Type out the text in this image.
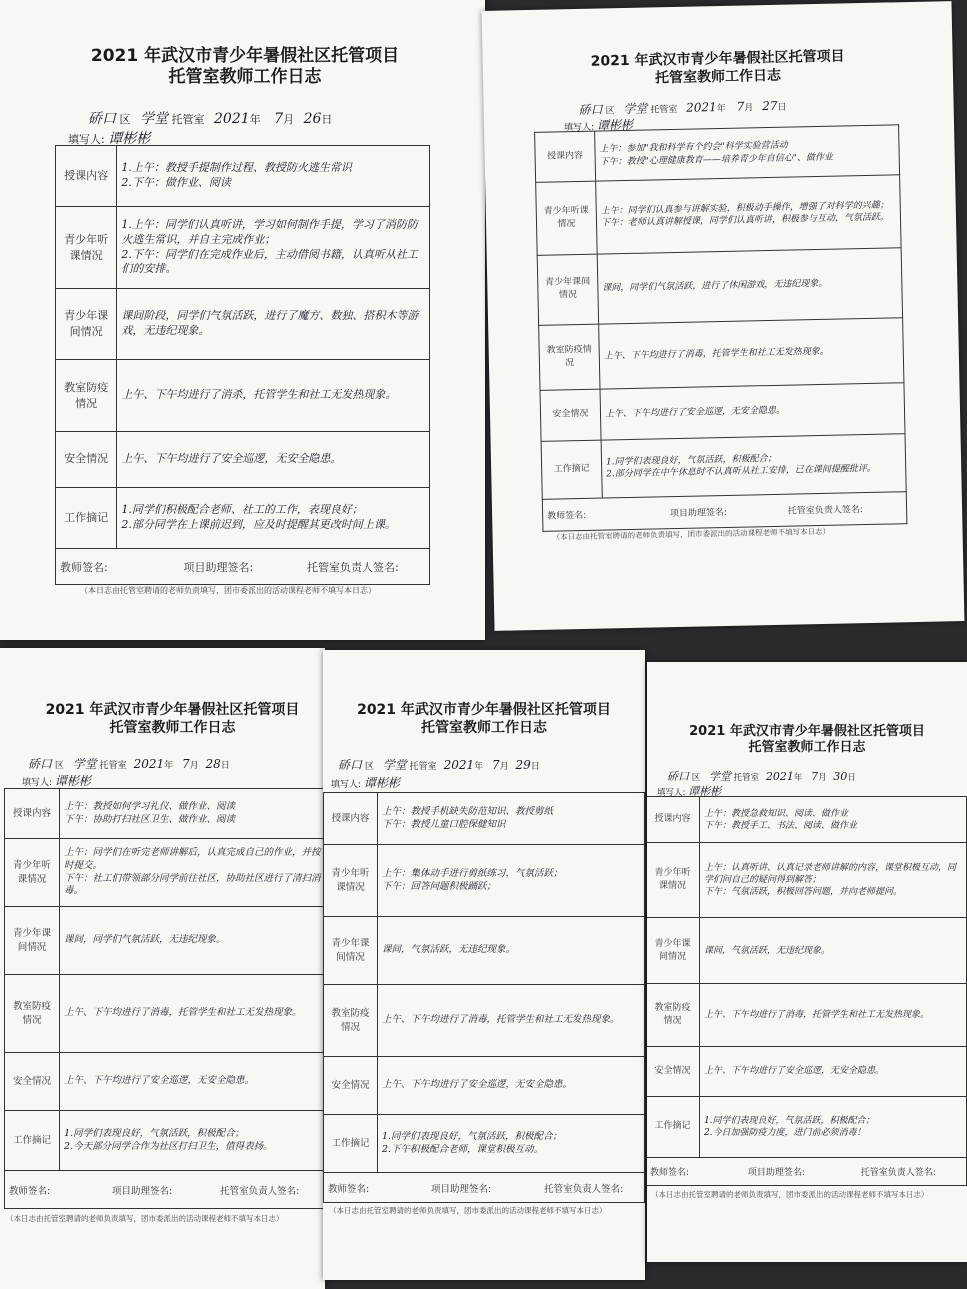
2021 年武汉市青少年暑假社区托管项目
托管室教师工作日志
硚口 区 学堂 托管室 2021年 7月 26日
填写人: 谭彬彬
授课内容	1.上午：教授手提制作过程、教授防火逃生常识
2.下午：做作业、阅读
青少年听课情况	1.上午：同学们认真听讲，学习如何制作手提，学习了消防防火逃生常识，并自主完成作业；
2.下午：同学们在完成作业后，主动借阅书籍，认真听从社工们的安排。
青少年课间情况	课间阶段，同学们气氛活跃，进行了魔方、数独、搭积木等游戏，无违纪现象。
教室防疫情况	上午、下午均进行了消杀，托管学生和社工无发热现象。
安全情况	上午、下午均进行了安全巡逻，无安全隐患。
工作摘记	1.同学们积极配合老师、社工的工作，表现良好；
2.部分同学在上课前迟到，应及时提醒其更改时间上课。
教师签名: 项目助理签名: 托管室负责人签名:	
（本日志由托管室聘请的老师负责填写，团市委派出的活动课程老师不填写本日志）
2021 年武汉市青少年暑假社区托管项目
托管室教师工作日志
硚口 区 学堂 托管室 2021年 7月 27日
填写人: 谭彬彬
授课内容	上午：参加"我和科学有个约会"科学实验营活动
下午：教授"心理健康教育——培养青少年自信心"、做作业
青少年听课情况	上午：同学们认真参与讲解实验，积极动手操作，增强了对科学的兴趣；
下午：老师认真讲解授课，同学们认真听讲，积极参与互动，气氛活跃。
青少年课间情况	课间，同学们气氛活跃，进行了休闲游戏，无违纪现象。
教室防疫情况	上午、下午均进行了消毒，托管学生和社工无发热现象。
安全情况	上午、下午均进行了安全巡逻，无安全隐患。
工作摘记	1.同学们表现良好，气氛活跃，积极配合；
2.部分同学在中午休息时不认真听从社工安排，已在课间提醒批评。
教师签名: 项目助理签名: 托管室负责人签名:	
（本日志由托管室聘请的老师负责填写，团市委派出的活动课程老师不填写本日志）
2021 年武汉市青少年暑假社区托管项目
托管室教师工作日志
硚口 区 学堂 托管室 2021年 7月 28日
填写人: 谭彬彬
授课内容	上午：教授如何学习礼仪、做作业、阅读
下午：协助打扫社区卫生、做作业、阅读
青少年听课情况	上午：同学们在听完老师讲解后，认真完成自己的作业，并按时提交。
下午：社工们带领部分同学前往社区，协助社区进行了清扫消毒。
青少年课间情况	课间，同学们气氛活跃，无违纪现象。
教室防疫情况	上午、下午均进行了消毒，托管学生和社工无发热现象。
安全情况	上午、下午均进行了安全巡逻，无安全隐患。
工作摘记	1.同学们表现良好，气氛活跃，积极配合；
2.今天部分同学合作为社区打扫卫生，值得表扬。
教师签名: 项目助理签名: 托管室负责人签名:	
（本日志由托管室聘请的老师负责填写，团市委派出的活动课程老师不填写本日志）
2021 年武汉市青少年暑假社区托管项目
托管室教师工作日志
硚口 区 学堂 托管室 2021年 7月 29日
填写人: 谭彬彬
授课内容	上午：教授手机缺失防范知识、教授剪纸
下午：教授儿童口腔保健知识
青少年听课情况	上午：集体动手进行剪纸练习，气氛活跃；
下午：回答问题积极踊跃；
青少年课间情况	课间，气氛活跃，无违纪现象。
教室防疫情况	上午、下午均进行了消毒，托管学生和社工无发热现象。
安全情况	上午、下午均进行了安全巡逻，无安全隐患。
工作摘记	1.同学们表现良好，气氛活跃，积极配合；
2.下午积极配合老师，课堂积极互动。
教师签名: 项目助理签名: 托管室负责人签名:	
（本日志由托管室聘请的老师负责填写，团市委派出的活动课程老师不填写本日志）
2021 年武汉市青少年暑假社区托管项目
托管室教师工作日志
硚口 区 学堂 托管室 2021年 7月 30日
填写人: 谭彬彬
授课内容	上午：教授急救知识、阅读、做作业
下午：教授手工、书法、阅读、做作业
青少年听课情况	上午：认真听讲、认真记录老师讲解的内容，课堂积极互动，同学们问自己的疑问得到解答；
下午：气氛活跃，积极回答问题，并向老师提问。
青少年课间情况	课间，气氛活跃，无违纪现象。
教室防疫情况	上午、下午均进行了消毒，托管学生和社工无发热现象。
安全情况	上午、下午均进行了安全巡逻，无安全隐患。
工作摘记	1.同学们表现良好，气氛活跃，积极配合；
2.今日加强防疫力度，进门前必须消毒！
教师签名: 项目助理签名: 托管室负责人签名:	
（本日志由托管室聘请的老师负责填写，团市委派出的活动课程老师不填写本日志）
